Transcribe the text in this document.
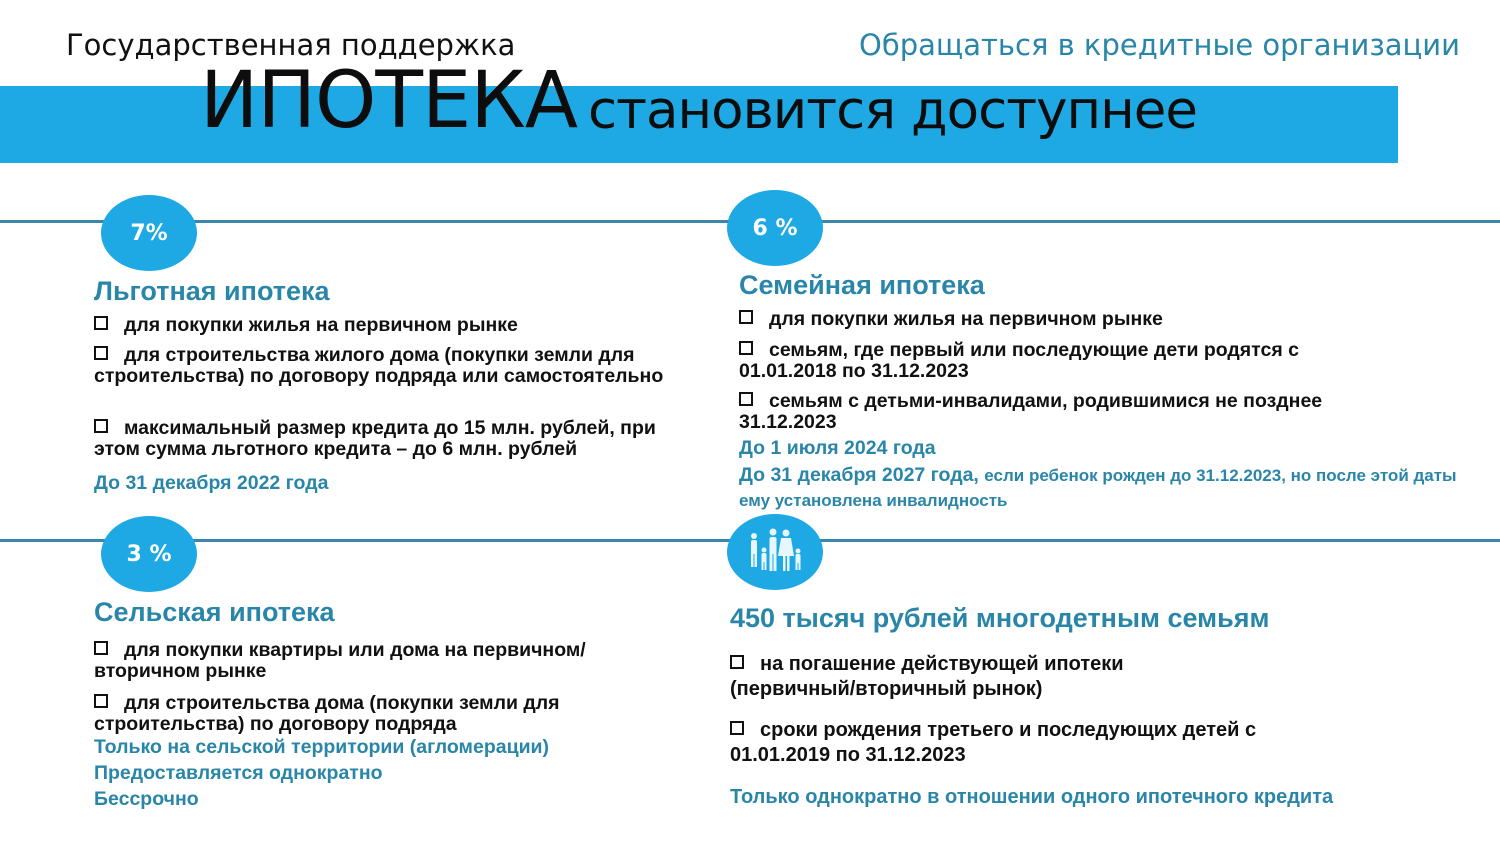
Государственная поддержка	Обращаться в кредитные организации
ИПОТЕКА становится доступнее
7%	6 %
3 %
Льготная ипотека
для покупки жилья на первичном рынке
для строительства жилого дома (покупки земли для строительства) по договору подряда или самостоятельно
максимальный размер кредита до 15 млн. рублей, при этом сумма льготного кредита – до 6 млн. рублей
До 31 декабря 2022 года
Семейная ипотека
для покупки жилья на первичном рынке
семьям, где первый или последующие дети родятся с 01.01.2018 по 31.12.2023
семьям с детьми-инвалидами, родившимися не позднее 31.12.2023
До 1 июля 2024 года
До 31 декабря 2027 года, если ребенок рожден до 31.12.2023, но после этой даты ему установлена инвалидность
Сельская ипотека
для покупки квартиры или дома на первичном/вторичном рынке
для строительства дома (покупки земли для строительства) по договору подряда
Только на сельской территории (агломерации)
Предоставляется однократно
Бессрочно
450 тысяч рублей многодетным семьям
на погашение действующей ипотеки (первичный/вторичный рынок)
сроки рождения третьего и последующих детей с 01.01.2019 по 31.12.2023
Только однократно в отношении одного ипотечного кредита
